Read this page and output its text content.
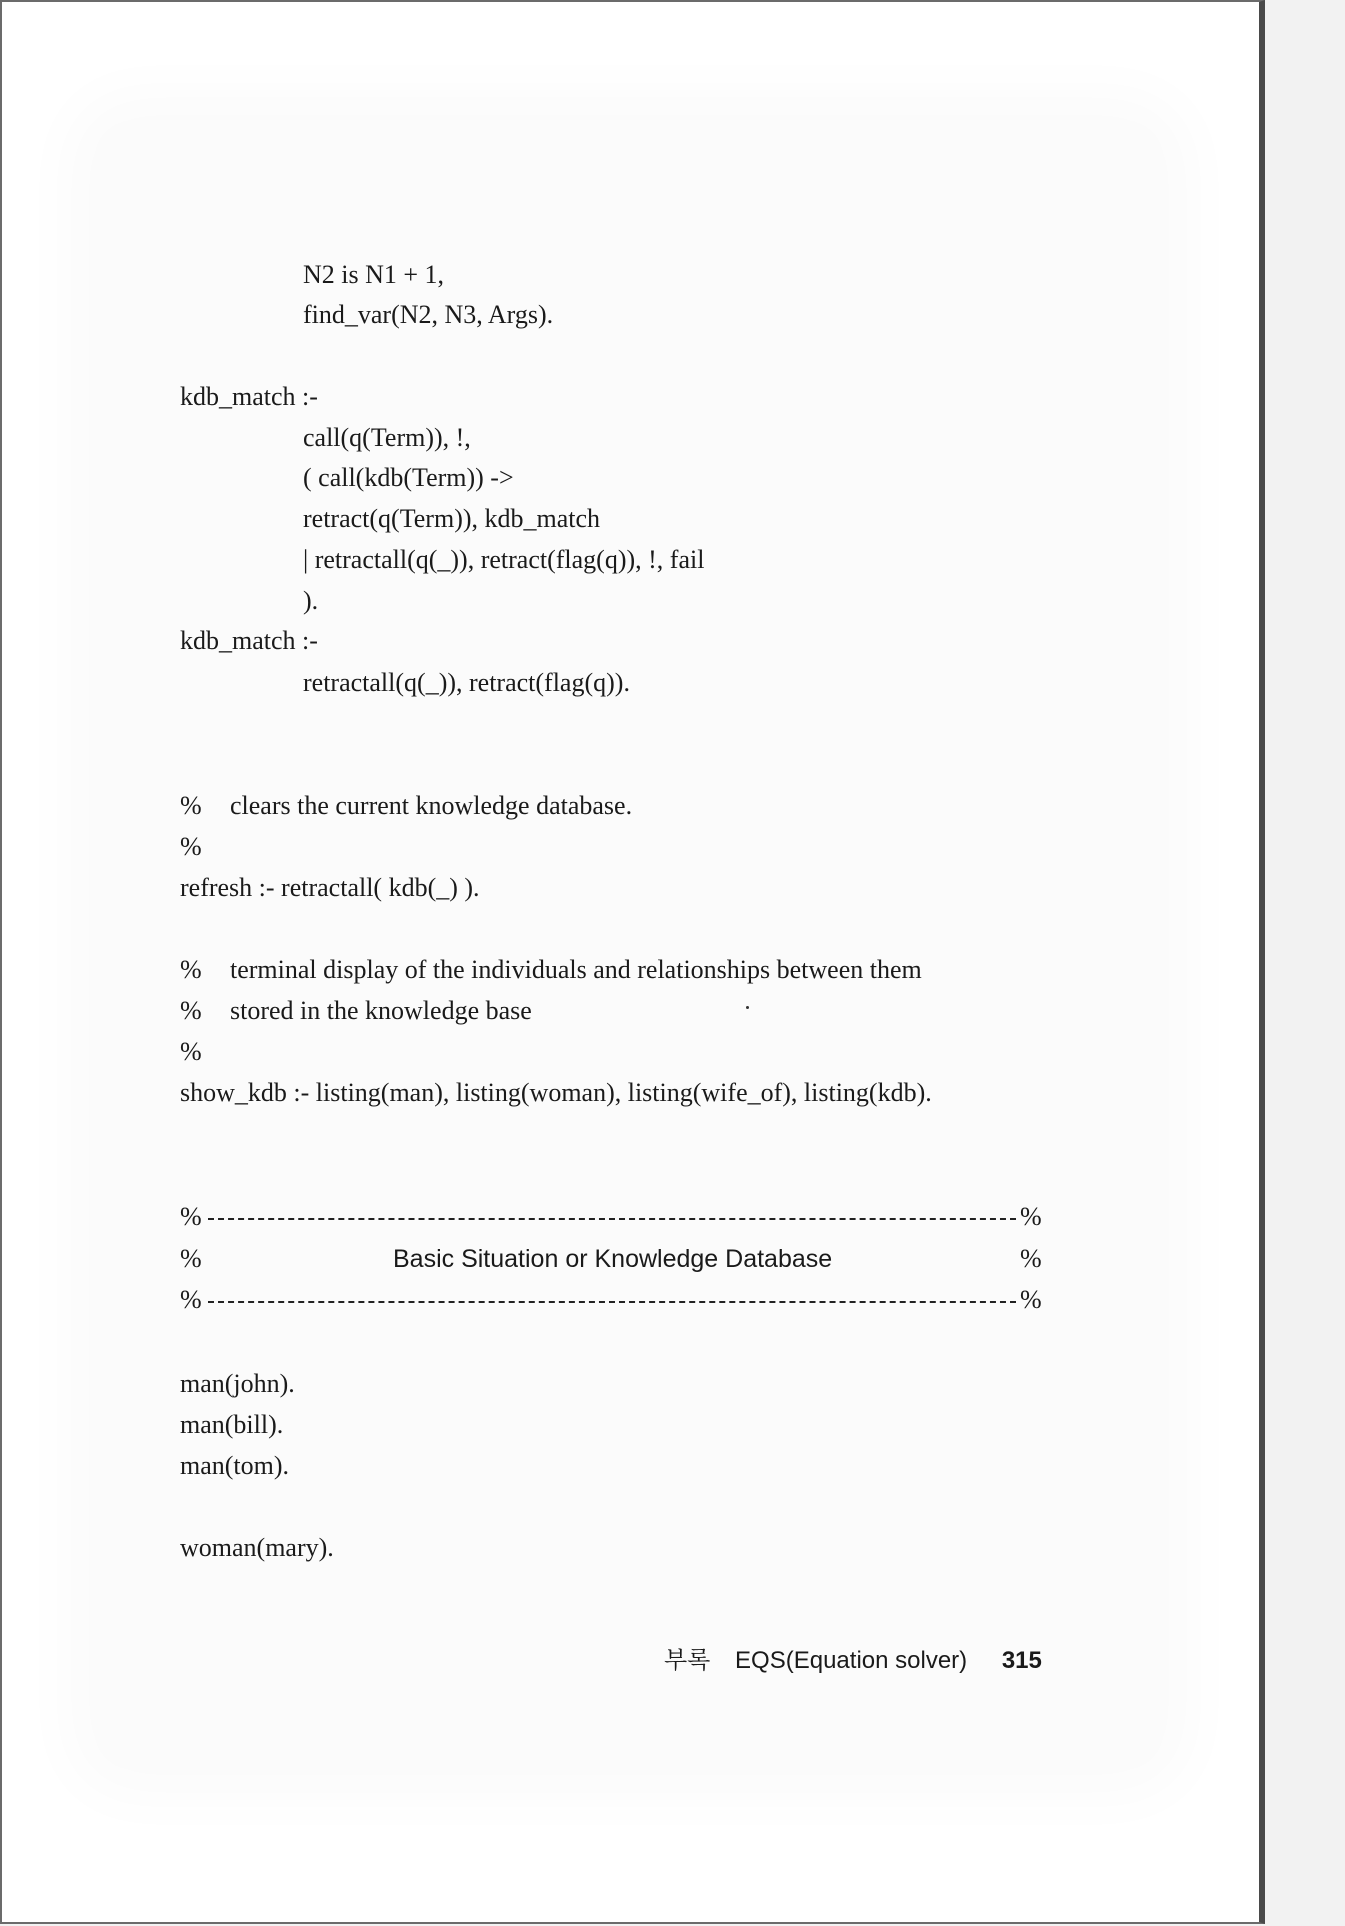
N2 is N1 + 1,
find_var(N2, N3, Args).
kdb_match :-
call(q(Term)), !,
( call(kdb(Term)) ->
retract(q(Term)), kdb_match
| retractall(q(_)), retract(flag(q)), !, fail
).
kdb_match :-
retractall(q(_)), retract(flag(q)).
% clears the current knowledge database.
%
refresh :- retractall( kdb(_) ).
% terminal display of the individuals and relationships between them
% stored in the knowledge base
%
show_kdb :- listing(man), listing(woman), listing(wife_of), listing(kdb).
%	%
%	Basic Situation or Knowledge Database	%
%	%
man(john).
man(bill).
man(tom).
woman(mary).
부록 EQS(Equation solver) 315
